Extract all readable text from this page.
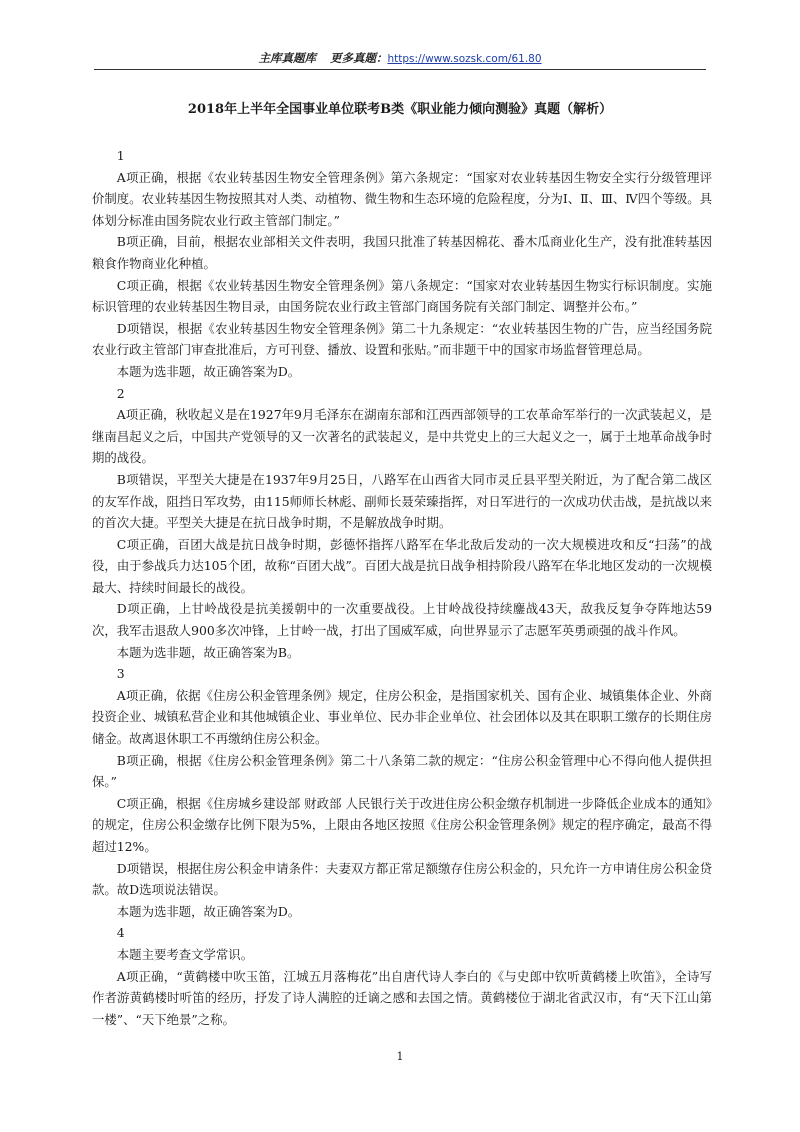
主库真题库 更多真题：https://www.sozsk.com/61.80
2018年上半年全国事业单位联考B类《职业能力倾向测验》真题（解析）

1

A项正确，根据《农业转基因生物安全管理条例》第六条规定：“国家对农业转基因生物安全实行分级管理评价制度。农业转基因生物按照其对人类、动植物、微生物和生态环境的危险程度，分为Ⅰ、Ⅱ、Ⅲ、Ⅳ四个等级。具体划分标准由国务院农业行政主管部门制定。”

B项正确，目前，根据农业部相关文件表明，我国只批准了转基因棉花、番木瓜商业化生产，没有批准转基因粮食作物商业化种植。

C项正确，根据《农业转基因生物安全管理条例》第八条规定：“国家对农业转基因生物实行标识制度。实施标识管理的农业转基因生物目录，由国务院农业行政主管部门商国务院有关部门制定、调整并公布。”

D项错误，根据《农业转基因生物安全管理条例》第二十九条规定：“农业转基因生物的广告，应当经国务院农业行政主管部门审查批准后，方可刊登、播放、设置和张贴。”而非题干中的国家市场监督管理总局。

本题为选非题，故正确答案为D。

2

A项正确，秋收起义是在1927年9月毛泽东在湖南东部和江西西部领导的工农革命军举行的一次武装起义，是继南昌起义之后，中国共产党领导的又一次著名的武装起义，是中共党史上的三大起义之一，属于土地革命战争时期的战役。

B项错误，平型关大捷是在1937年9月25日，八路军在山西省大同市灵丘县平型关附近，为了配合第二战区的友军作战，阻挡日军攻势，由115师师长林彪、副师长聂荣臻指挥，对日军进行的一次成功伏击战，是抗战以来的首次大捷。平型关大捷是在抗日战争时期，不是解放战争时期。

C项正确，百团大战是抗日战争时期，彭德怀指挥八路军在华北敌后发动的一次大规模进攻和反“扫荡”的战役，由于参战兵力达105个团，故称“百团大战”。百团大战是抗日战争相持阶段八路军在华北地区发动的一次规模最大、持续时间最长的战役。

D项正确，上甘岭战役是抗美援朝中的一次重要战役。上甘岭战役持续鏖战43天，敌我反复争夺阵地达59次，我军击退敌人900多次冲锋，上甘岭一战，打出了国威军威，向世界显示了志愿军英勇顽强的战斗作风。

本题为选非题，故正确答案为B。

3

A项正确，依据《住房公积金管理条例》规定，住房公积金，是指国家机关、国有企业、城镇集体企业、外商投资企业、城镇私营企业和其他城镇企业、事业单位、民办非企业单位、社会团体以及其在职职工缴存的长期住房储金。故离退休职工不再缴纳住房公积金。

B项正确，根据《住房公积金管理条例》第二十八条第二款的规定：“住房公积金管理中心不得向他人提供担保。”

C项正确，根据《住房城乡建设部 财政部 人民银行关于改进住房公积金缴存机制进一步降低企业成本的通知》的规定，住房公积金缴存比例下限为5%，上限由各地区按照《住房公积金管理条例》规定的程序确定，最高不得超过12%。

D项错误，根据住房公积金申请条件：夫妻双方都正常足额缴存住房公积金的，只允许一方申请住房公积金贷款。故D选项说法错误。

本题为选非题，故正确答案为D。

4

本题主要考查文学常识。

A项正确，“黄鹤楼中吹玉笛，江城五月落梅花”出自唐代诗人李白的《与史郎中钦听黄鹤楼上吹笛》，全诗写作者游黄鹤楼时听笛的经历，抒发了诗人满腔的迁谪之感和去国之情。黄鹤楼位于湖北省武汉市，有“天下江山第一楼”、“天下绝景”之称。

1
